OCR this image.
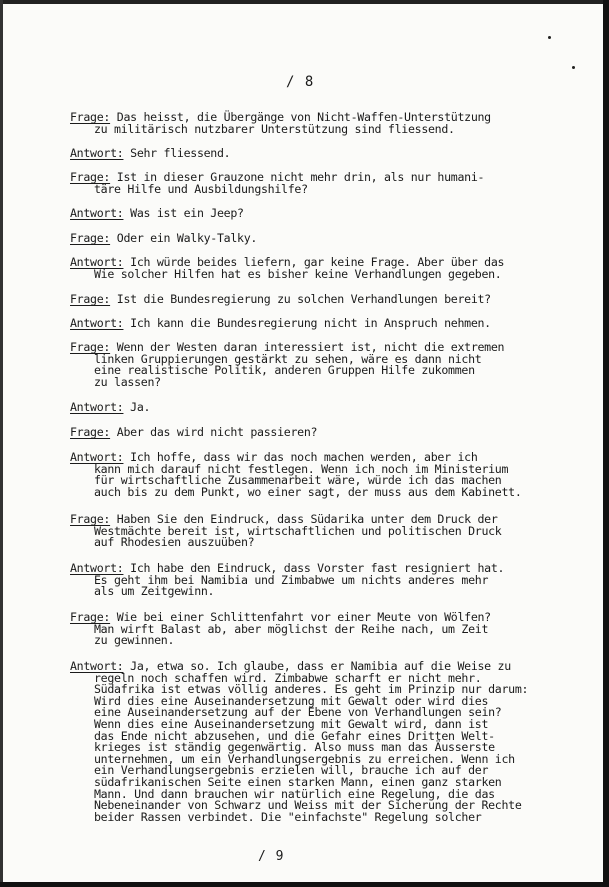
/ 8
Frage: Das heisst, die Übergänge von Nicht-Waffen-Unterstützung
zu militärisch nutzbarer Unterstützung sind fliessend.
Antwort: Sehr fliessend.
Frage: Ist in dieser Grauzone nicht mehr drin, als nur humani-
täre Hilfe und Ausbildungshilfe?
Antwort: Was ist ein Jeep?
Frage: Oder ein Walky-Talky.
Antwort: Ich würde beides liefern, gar keine Frage. Aber über das
Wie solcher Hilfen hat es bisher keine Verhandlungen gegeben.
Frage: Ist die Bundesregierung zu solchen Verhandlungen bereit?
Antwort: Ich kann die Bundesregierung nicht in Anspruch nehmen.
Frage: Wenn der Westen daran interessiert ist, nicht die extremen
linken Gruppierungen gestärkt zu sehen, wäre es dann nicht
eine realistische Politik, anderen Gruppen Hilfe zukommen
zu lassen?
Antwort: Ja.
Frage: Aber das wird nicht passieren?
Antwort: Ich hoffe, dass wir das noch machen werden, aber ich
kann mich darauf nicht festlegen. Wenn ich noch im Ministerium
für wirtschaftliche Zusammenarbeit wäre, würde ich das machen
auch bis zu dem Punkt, wo einer sagt, der muss aus dem Kabinett.
Frage: Haben Sie den Eindruck, dass Südarika unter dem Druck der
Westmächte bereit ist, wirtschaftlichen und politischen Druck
auf Rhodesien auszuüben?
Antwort: Ich habe den Eindruck, dass Vorster fast resigniert hat.
Es geht ihm bei Namibia und Zimbabwe um nichts anderes mehr
als um Zeitgewinn.
Frage: Wie bei einer Schlittenfahrt vor einer Meute von Wölfen?
Man wirft Balast ab, aber möglichst der Reihe nach, um Zeit
zu gewinnen.
Antwort: Ja, etwa so. Ich glaube, dass er Namibia auf die Weise zu
regeln noch schaffen wird. Zimbabwe scharft er nicht mehr.
Südafrika ist etwas völlig anderes. Es geht im Prinzip nur darum:
Wird dies eine Auseinandersetzung mit Gewalt oder wird dies
eine Auseinandersetzung auf der Ebene von Verhandlungen sein?
Wenn dies eine Auseinandersetzung mit Gewalt wird, dann ist
das Ende nicht abzusehen, und die Gefahr eines Dritten Welt-
krieges ist ständig gegenwärtig. Also muss man das Äusserste
unternehmen, um ein Verhandlungsergebnis zu erreichen. Wenn ich
ein Verhandlungsergebnis erzielen will, brauche ich auf der
südafrikanischen Seite einen starken Mann, einen ganz starken
Mann. Und dann brauchen wir natürlich eine Regelung, die das
Nebeneinander von Schwarz und Weiss mit der Sicherung der Rechte
beider Rassen verbindet. Die "einfachste" Regelung solcher
/ 9
